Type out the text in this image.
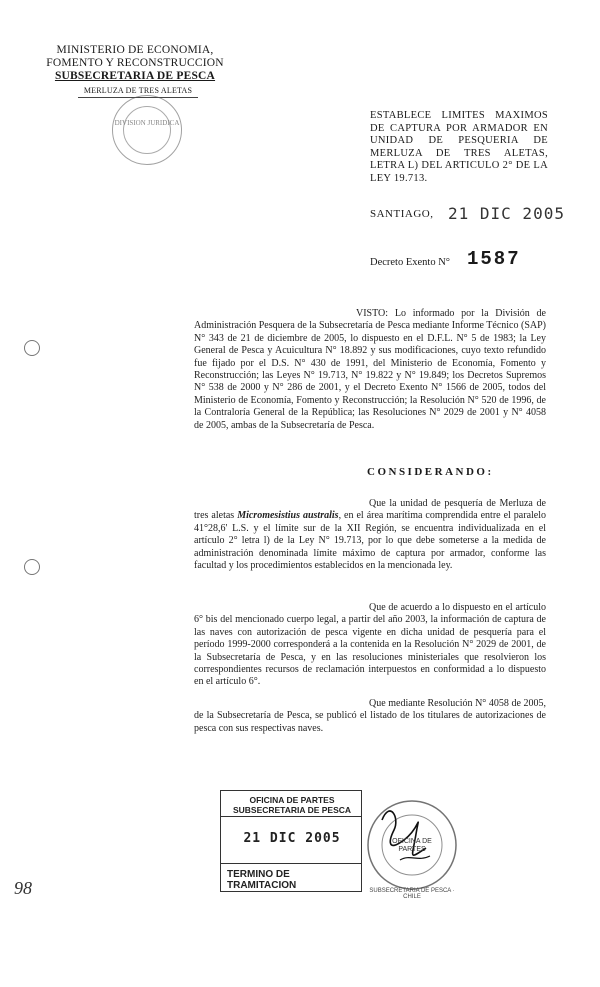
MINISTERIO DE ECONOMIA,
FOMENTO Y RECONSTRUCCION
SUBSECRETARIA DE PESCA
MERLUZA DE TRES ALETAS
DIVISION JURIDICA
ESTABLECE LIMITES MAXIMOS DE CAPTURA POR ARMADOR EN UNIDAD DE PESQUERIA DE MERLUZA DE TRES ALETAS, LETRA L) DEL ARTICULO 2° DE LA LEY 19.713.
SANTIAGO, 21 DIC 2005
Decreto Exento N° 1587
VISTO: Lo informado por la División de Administración Pesquera de la Subsecretaría de Pesca mediante Informe Técnico (SAP) N° 343 de 21 de diciembre de 2005, lo dispuesto en el D.F.L. N° 5 de 1983; la Ley General de Pesca y Acuicultura N° 18.892 y sus modificaciones, cuyo texto refundido fue fijado por el D.S. N° 430 de 1991, del Ministerio de Economía, Fomento y Reconstrucción; las Leyes N° 19.713, N° 19.822 y N° 19.849; los Decretos Supremos N° 538 de 2000 y N° 286 de 2001, y el Decreto Exento N° 1566 de 2005, todos del Ministerio de Economía, Fomento y Reconstrucción; la Resolución N° 520 de 1996, de la Contraloría General de la República; las Resoluciones N° 2029 de 2001 y N° 4058 de 2005, ambas de la Subsecretaría de Pesca.
CONSIDERANDO:
Que la unidad de pesquería de Merluza de tres aletas Micromesistius australis, en el área marítima comprendida entre el paralelo 41°28,6' L.S. y el límite sur de la XII Región, se encuentra individualizada en el artículo 2° letra l) de la Ley N° 19.713, por lo que debe someterse a la medida de administración denominada límite máximo de captura por armador, conforme las facultad y los procedimientos establecidos en la mencionada ley.
Que de acuerdo a lo dispuesto en el artículo 6° bis del mencionado cuerpo legal, a partir del año 2003, la información de captura de las naves con autorización de pesca vigente en dicha unidad de pesquería para el período 1999-2000 corresponderá a la contenida en la Resolución N° 2029 de 2001, de la Subsecretaría de Pesca, y en las resoluciones ministeriales que resolvieron los correspondientes recursos de reclamación interpuestos en conformidad a lo dispuesto en el artículo 6°.
Que mediante Resolución N° 4058 de 2005, de la Subsecretaría de Pesca, se publicó el listado de los titulares de autorizaciones de pesca con sus respectivas naves.
OFICINA DE PARTES
SUBSECRETARIA DE PESCA
21 DIC 2005
TERMINO DE TRAMITACION
OFICINA DE PARTES
SUBSECRETARIA DE PESCA · CHILE
98
